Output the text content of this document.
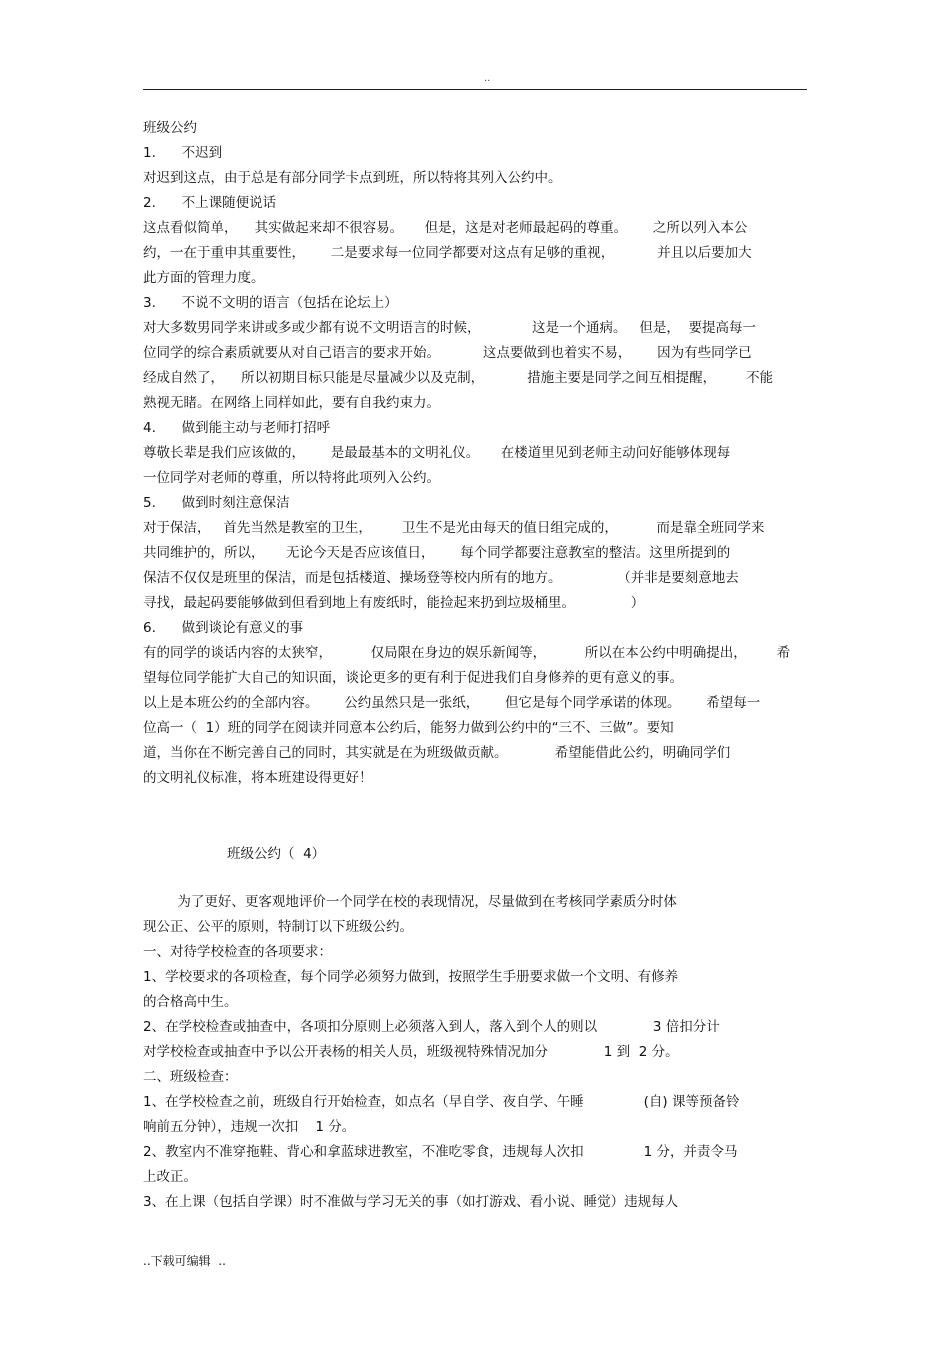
..
班级公约
1.      不迟到
对迟到这点，由于总是有部分同学卡点到班，所以特将其列入公约中。
2.      不上课随便说话
这点看似简单，    其实做起来却不很容易。     但是，这是对老师最起码的尊重。      之所以列入本公
约，一在于重申其重要性，      二是要求每一位同学都要对这点有足够的重视，          并且以后要加大
此方面的管理力度。
3.      不说不文明的语言（包括在论坛上）
对大多数男同学来讲或多或少都有说不文明语言的时候，            这是一个通病。   但是，  要提高每一
位同学的综合素质就要从对自己语言的要求开始。          这点要做到也着实不易，      因为有些同学已
经成自然了，    所以初期目标只能是尽量减少以及克制，          措施主要是同学之间互相提醒，       不能
熟视无睹。在网络上同样如此，要有自我约束力。
4.      做到能主动与老师打招呼
尊敬长辈是我们应该做的，      是最最基本的文明礼仪。     在楼道里见到老师主动问好能够体现每
一位同学对老师的尊重，所以特将此项列入公约。
5.      做到时刻注意保洁
对于保洁，   首先当然是教室的卫生，       卫生不是光由每天的值日组完成的，         而是靠全班同学来
共同维护的，所以，     无论今天是否应该值日，      每个同学都要注意教室的整洁。这里所提到的
保洁不仅仅是班里的保洁，而是包括楼道、操场登等校内所有的地方。             （并非是要刻意地去
寻找，最起码要能够做到但看到地上有废纸时，能捡起来扔到垃圾桶里。             ）
6.      做到谈论有意义的事
有的同学的谈话内容的太狭窄，         仅局限在身边的娱乐新闻等，         所以在本公约中明确提出，       希
望每位同学能扩大自己的知识面，谈论更多的更有利于促进我们自身修养的更有意义的事。
以上是本班公约的全部内容。      公约虽然只是一张纸，      但它是每个同学承诺的体现。      希望每一
位高一（  1）班的同学在阅读并同意本公约后，能努力做到公约中的“三不、三做”。要知
道，当你在不断完善自己的同时，其实就是在为班级做贡献。           希望能借此公约，明确同学们
的文明礼仪标准，将本班建设得更好！
班级公约（  4）
为了更好、更客观地评价一个同学在校的表现情况，尽量做到在考核同学素质分时体
现公正、公平的原则，特制订以下班级公约。
一、对待学校检查的各项要求：
1、学校要求的各项检查，每个同学必须努力做到，按照学生手册要求做一个文明、有修养
的合格高中生。
2、在学校检查或抽查中，各项扣分原则上必须落入到人，落入到个人的则以             3 倍扣分计
对学校检查或抽查中予以公开表杨的相关人员，班级视特殊情况加分             1 到  2 分。
二、班级检查：
1、在学校检查之前，班级自行开始检查，如点名（早自学、夜自学、午睡              (自) 课等预备铃
响前五分钟），违规一次扣    1 分。
2、教室内不准穿拖鞋、背心和拿蓝球进教室，不准吃零食，违规每人次扣              1 分，并责令马
上改正。
3、在上课（包括自学课）时不准做与学习无关的事（如打游戏、看小说、睡觉）违规每人
..下载可编辑  ..
